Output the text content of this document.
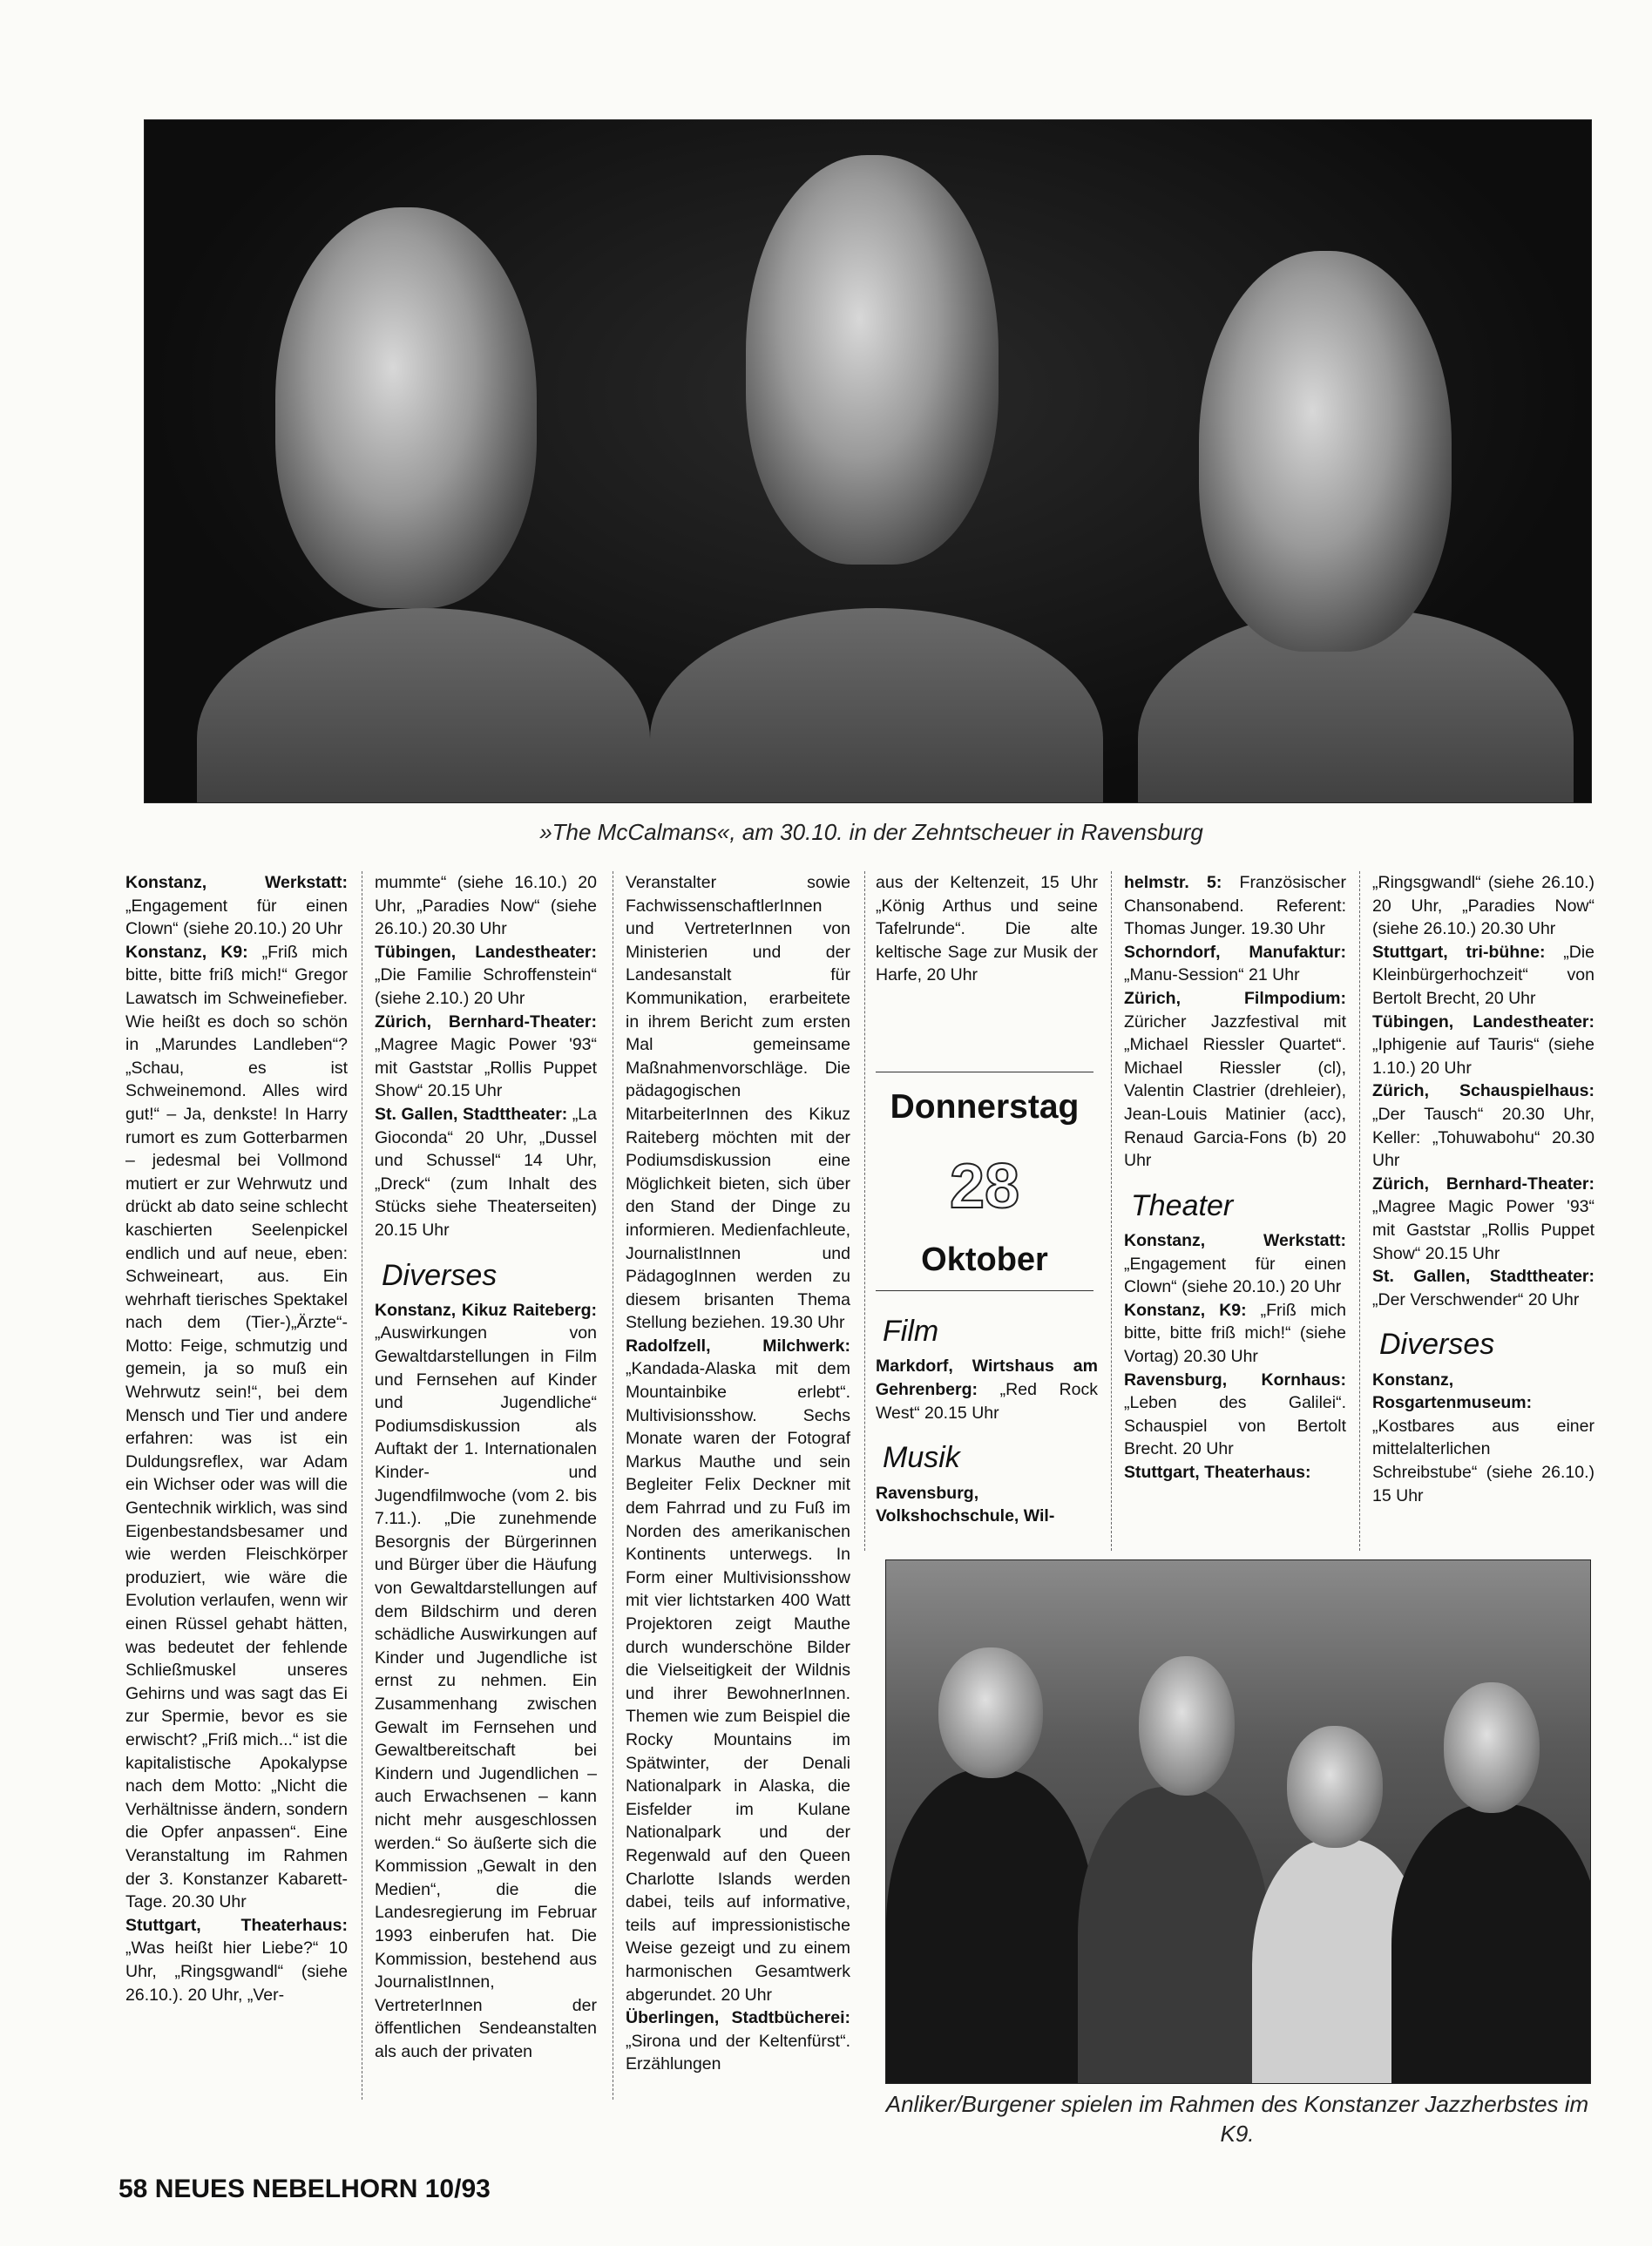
»The McCalmans«, am 30.10. in der Zehntscheuer in Ravensburg

Konstanz, Werkstatt: „Engagement für einen Clown“ (siehe 20.10.) 20 Uhr

Konstanz, K9: „Friß mich bitte, bitte friß mich!“ Gregor Lawatsch im Schweinefieber. Wie heißt es doch so schön in „Marundes Landleben“? „Schau, es ist Schweinemond. Alles wird gut!“ – Ja, denkste! In Harry rumort es zum Gotterbarmen – jedesmal bei Vollmond mutiert er zur Wehrwutz und drückt ab dato seine schlecht kaschierten Seelenpickel endlich und auf neue, eben: Schweineart, aus. Ein wehrhaft tierisches Spektakel nach dem (Tier-)„Ärzte“-Motto: Feige, schmutzig und gemein, ja so muß ein Wehrwutz sein!“, bei dem Mensch und Tier und andere erfahren: was ist ein Duldungsreflex, war Adam ein Wichser oder was will die Gentechnik wirklich, was sind Eigenbestandsbesamer und wie werden Fleischkörper produziert, wie wäre die Evolution verlaufen, wenn wir einen Rüssel gehabt hätten, was bedeutet der fehlende Schließmuskel unseres Gehirns und was sagt das Ei zur Spermie, bevor es sie erwischt? „Friß mich...“ ist die kapitalistische Apokalypse nach dem Motto: „Nicht die Verhältnisse ändern, sondern die Opfer anpassen“. Eine Veranstaltung im Rahmen der 3. Konstanzer Kabarett-Tage. 20.30 Uhr

Stuttgart, Theaterhaus: „Was heißt hier Liebe?“ 10 Uhr, „Ringsgwandl“ (siehe 26.10.). 20 Uhr, „Ver-

mummte“ (siehe 16.10.) 20 Uhr, „Paradies Now“ (siehe 26.10.) 20.30 Uhr

Tübingen, Landestheater: „Die Familie Schroffenstein“ (siehe 2.10.) 20 Uhr

Zürich, Bernhard-Theater: „Magree Magic Power '93“ mit Gaststar „Rollis Puppet Show“ 20.15 Uhr

St. Gallen, Stadttheater: „La Gioconda“ 20 Uhr, „Dussel und Schussel“ 14 Uhr, „Dreck“ (zum Inhalt des Stücks siehe Theaterseiten) 20.15 Uhr

Diverses

Konstanz, Kikuz Raiteberg: „Auswirkungen von Gewaltdarstellungen in Film und Fernsehen auf Kinder und Jugendliche“ Podiumsdiskussion als Auftakt der 1. Internationalen Kinder- und Jugendfilmwoche (vom 2. bis 7.11.). „Die zunehmende Besorgnis der Bürgerinnen und Bürger über die Häufung von Gewaltdarstellungen auf dem Bildschirm und deren schädliche Auswirkungen auf Kinder und Jugendliche ist ernst zu nehmen. Ein Zusammenhang zwischen Gewalt im Fernsehen und Gewaltbereitschaft bei Kindern und Jugendlichen – auch Erwachsenen – kann nicht mehr ausgeschlossen werden.“ So äußerte sich die Kommission „Gewalt in den Medien“, die die Landesregierung im Februar 1993 einberufen hat. Die Kommission, bestehend aus JournalistInnen, VertreterInnen der öffentlichen Sendeanstalten als auch der privaten

Veranstalter sowie FachwissenschaftlerInnen und VertreterInnen von Ministerien und der Landesanstalt für Kommunikation, erarbeitete in ihrem Bericht zum ersten Mal gemeinsame Maßnahmenvorschläge. Die pädagogischen MitarbeiterInnen des Kikuz Raiteberg möchten mit der Podiumsdiskussion eine Möglichkeit bieten, sich über den Stand der Dinge zu informieren. Medienfachleute, JournalistInnen und PädagogInnen werden zu diesem brisanten Thema Stellung beziehen. 19.30 Uhr

Radolfzell, Milchwerk: „Kandada-Alaska mit dem Mountainbike erlebt“. Multivisionsshow. Sechs Monate waren der Fotograf Markus Mauthe und sein Begleiter Felix Deckner mit dem Fahrrad und zu Fuß im Norden des amerikanischen Kontinents unterwegs. In Form einer Multivisionsshow mit vier lichtstarken 400 Watt Projektoren zeigt Mauthe durch wunderschöne Bilder die Vielseitigkeit der Wildnis und ihrer BewohnerInnen. Themen wie zum Beispiel die Rocky Mountains im Spätwinter, der Denali Nationalpark in Alaska, die Eisfelder im Kulane Nationalpark und der Regenwald auf den Queen Charlotte Islands werden dabei, teils auf informative, teils auf impressionistische Weise gezeigt und zu einem harmonischen Gesamtwerk abgerundet. 20 Uhr

Überlingen, Stadtbücherei: „Sirona und der Keltenfürst“. Erzählungen

aus der Keltenzeit, 15 Uhr „König Arthus und seine Tafelrunde“. Die alte keltische Sage zur Musik der Harfe, 20 Uhr

Donnerstag
28
Oktober
Film

Markdorf, Wirtshaus am Gehrenberg: „Red Rock West“ 20.15 Uhr

Musik

Ravensburg, Volkshochschule, Wil-

helmstr. 5: Französischer Chansonabend. Referent: Thomas Junger. 19.30 Uhr

Schorndorf, Manufaktur: „Manu-Session“ 21 Uhr

Zürich, Filmpodium: Züricher Jazzfestival mit „Michael Riessler Quartet“. Michael Riessler (cl), Valentin Clastrier (drehleier), Jean-Louis Matinier (acc), Renaud Garcia-Fons (b) 20 Uhr

Theater

Konstanz, Werkstatt: „Engagement für einen Clown“ (siehe 20.10.) 20 Uhr

Konstanz, K9: „Friß mich bitte, bitte friß mich!“ (siehe Vortag) 20.30 Uhr

Ravensburg, Kornhaus: „Leben des Galilei“. Schauspiel von Bertolt Brecht. 20 Uhr

Stuttgart, Theaterhaus:

„Ringsgwandl“ (siehe 26.10.) 20 Uhr, „Paradies Now“ (siehe 26.10.) 20.30 Uhr

Stuttgart, tri-bühne: „Die Kleinbürgerhochzeit“ von Bertolt Brecht, 20 Uhr

Tübingen, Landestheater: „Iphigenie auf Tauris“ (siehe 1.10.) 20 Uhr

Zürich, Schauspielhaus: „Der Tausch“ 20.30 Uhr, Keller: „Tohuwabohu“ 20.30 Uhr

Zürich, Bernhard-Theater: „Magree Magic Power '93“ mit Gaststar „Rollis Puppet Show“ 20.15 Uhr

St. Gallen, Stadttheater: „Der Verschwender“ 20 Uhr

Diverses

Konstanz, Rosgartenmuseum: „Kostbares aus einer mittelalterlichen Schreibstube“ (siehe 26.10.) 15 Uhr

Anliker/Burgener spielen im Rahmen des Konstanzer Jazzherbstes im K9.
58 NEUES NEBELHORN 10/93
